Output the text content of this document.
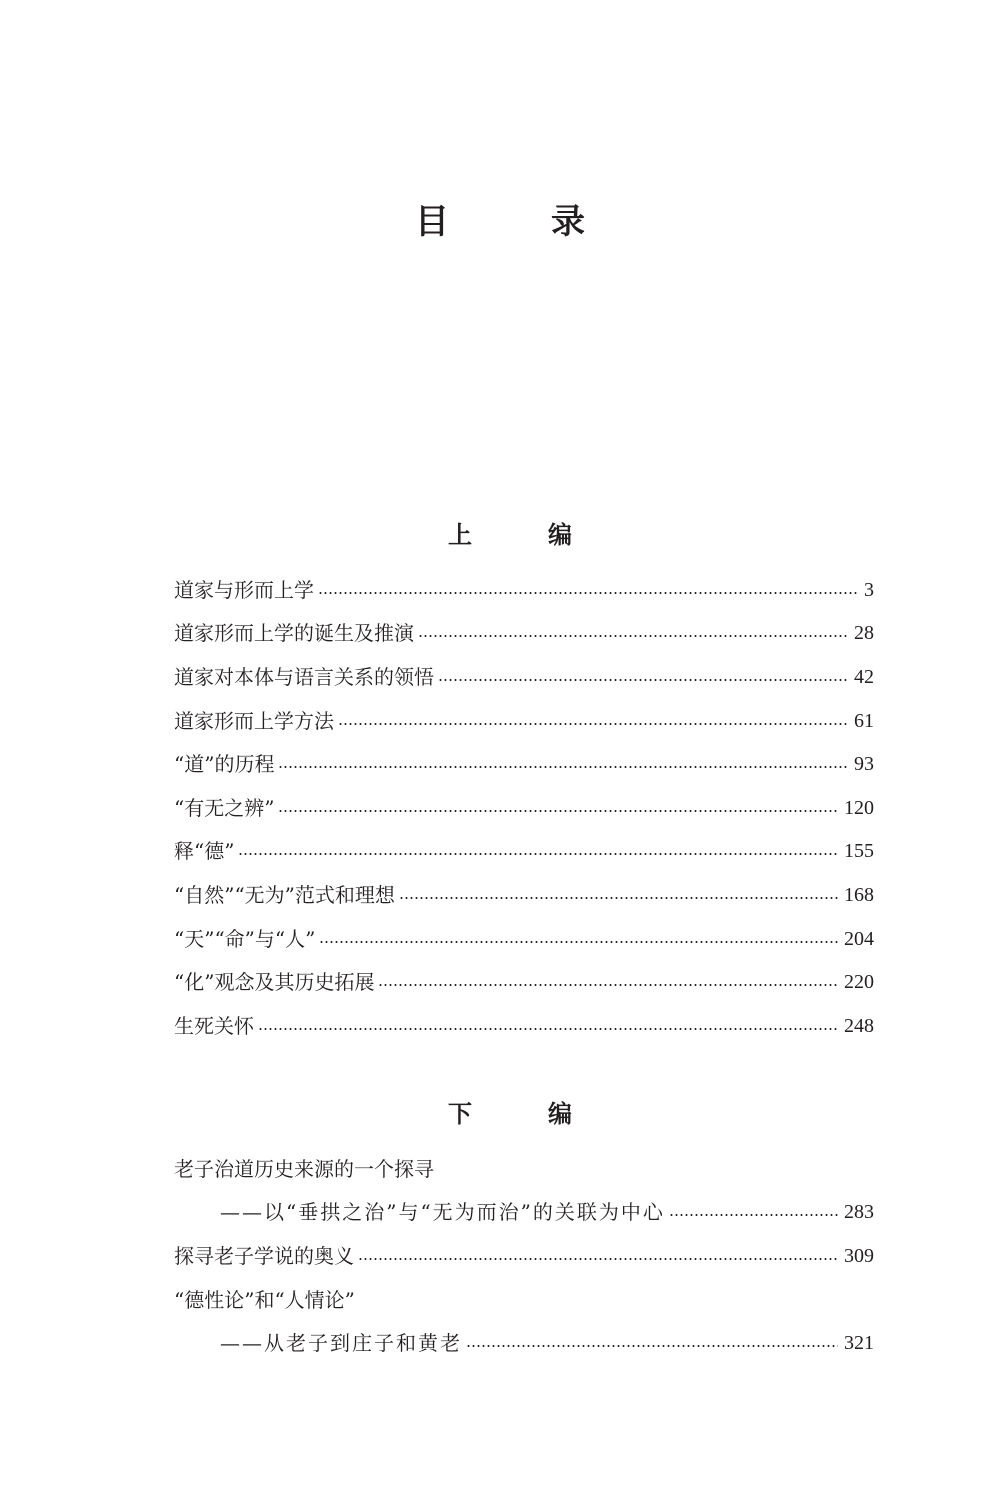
目　录
上　编
道家与形而上学	3
道家形而上学的诞生及推演	28
道家对本体与语言关系的领悟	42
道家形而上学方法	61
“道”的历程	93
“有无之辨”	120
释“德”	155
“自然”“无为”范式和理想	168
“天”“命”与“人”	204
“化”观念及其历史拓展	220
生死关怀	248
下　编
老子治道历史来源的一个探寻
——以“垂拱之治”与“无为而治”的关联为中心	283
探寻老子学说的奥义	309
“德性论”和“人情论”
——从老子到庄子和黄老	321
